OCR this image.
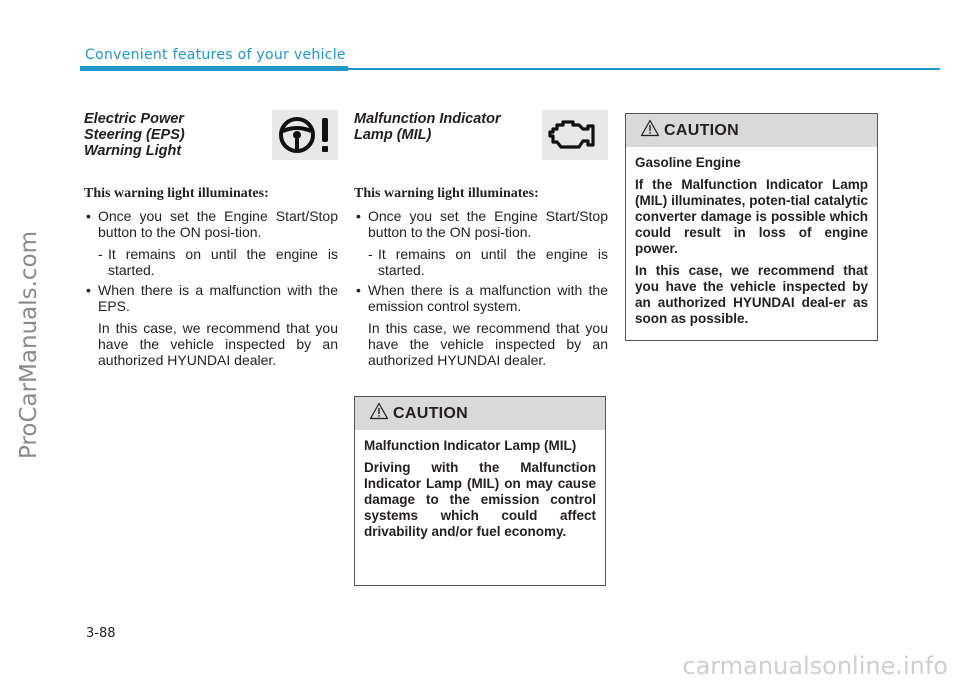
Convenient features of your vehicle
ProCarManuals.com
Electric Power
Steering (EPS)
Warning Light
This warning light illuminates:

• Once you set the Engine Start/Stop button to the ON posi-tion.

- It remains on until the engine is started.

• When there is a malfunction with the EPS.

In this case, we recommend that you have the vehicle inspected by an authorized HYUNDAI dealer.

Malfunction Indicator
Lamp (MIL)
This warning light illuminates:

• Once you set the Engine Start/Stop button to the ON posi-tion.

- It remains on until the engine is started.

• When there is a malfunction with the emission control system.

In this case, we recommend that you have the vehicle inspected by an authorized HYUNDAI dealer.

CAUTION

Malfunction Indicator Lamp (MIL)

Driving with the Malfunction Indicator Lamp (MIL) on may cause damage to the emission control systems which could affect drivability and/or fuel economy.

CAUTION

Gasoline Engine

If the Malfunction Indicator Lamp (MIL) illuminates, poten-tial catalytic converter damage is possible which could result in loss of engine power.

In this case, we recommend that you have the vehicle inspected by an authorized HYUNDAI deal-er as soon as possible.

3-88
carmanualsonline.info
